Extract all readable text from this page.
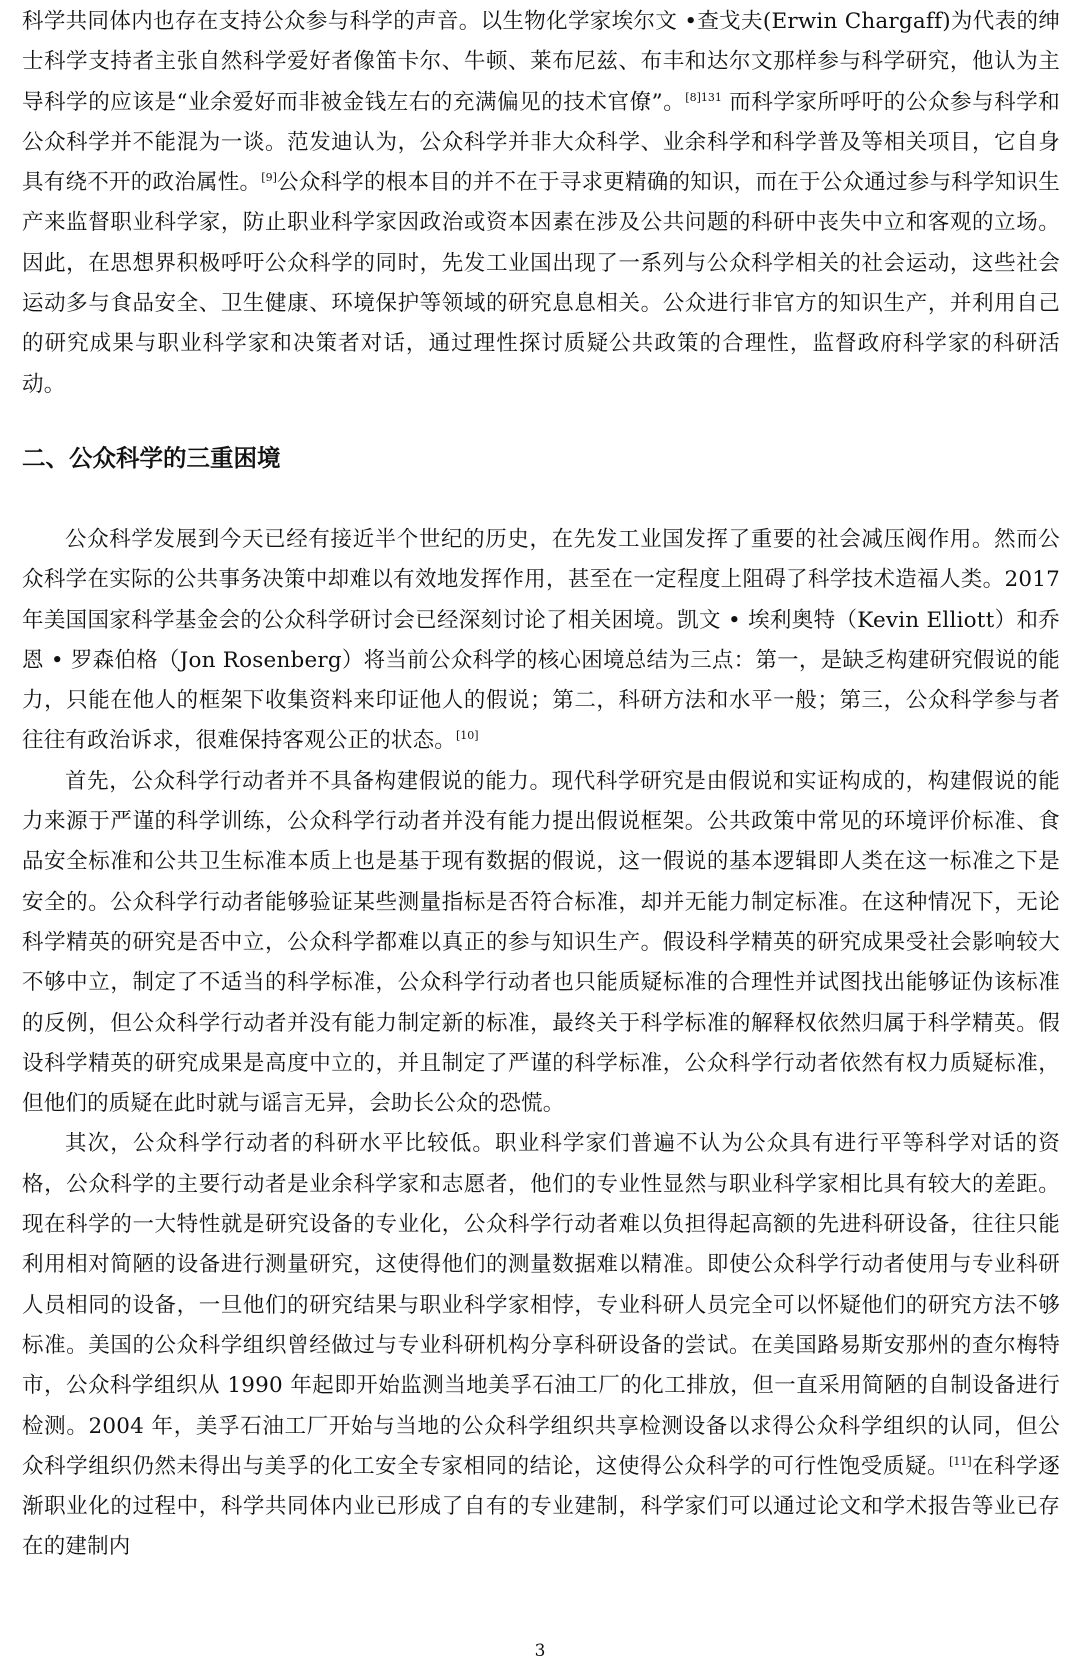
科学共同体内也存在支持公众参与科学的声音。以生物化学家埃尔文 •查戈夫(Erwin Chargaff)为代表的绅士科学支持者主张自然科学爱好者像笛卡尔、牛顿、莱布尼兹、布丰和达尔文那样参与科学研究，他认为主导科学的应该是“业余爱好而非被金钱左右的充满偏见的技术官僚”。$^{[8]131}$ 而科学家所呼吁的公众参与科学和公众科学并不能混为一谈。范发迪认为，公众科学并非大众科学、业余科学和科学普及等相关项目，它自身具有绕不开的政治属性。[9]公众科学的根本目的并不在于寻求更精确的知识，而在于公众通过参与科学知识生产来监督职业科学家，防止职业科学家因政治或资本因素在涉及公共问题的科研中丧失中立和客观的立场。因此，在思想界积极呼吁公众科学的同时，先发工业国出现了一系列与公众科学相关的社会运动，这些社会运动多与食品安全、卫生健康、环境保护等领域的研究息息相关。公众进行非官方的知识生产，并利用自己的研究成果与职业科学家和决策者对话，通过理性探讨质疑公共政策的合理性，监督政府科学家的科研活动。

二、公众科学的三重困境

公众科学发展到今天已经有接近半个世纪的历史，在先发工业国发挥了重要的社会减压阀作用。然而公众科学在实际的公共事务决策中却难以有效地发挥作用，甚至在一定程度上阻碍了科学技术造福人类。2017 年美国国家科学基金会的公众科学研讨会已经深刻讨论了相关困境。凯文 • 埃利奥特（Kevin Elliott）和乔恩 • 罗森伯格（Jon Rosenberg）将当前公众科学的核心困境总结为三点：第一，是缺乏构建研究假说的能力，只能在他人的框架下收集资料来印证他人的假说；第二，科研方法和水平一般；第三，公众科学参与者往往有政治诉求，很难保持客观公正的状态。[10]

首先，公众科学行动者并不具备构建假说的能力。现代科学研究是由假说和实证构成的，构建假说的能力来源于严谨的科学训练，公众科学行动者并没有能力提出假说框架。公共政策中常见的环境评价标准、食品安全标准和公共卫生标准本质上也是基于现有数据的假说，这一假说的基本逻辑即人类在这一标准之下是安全的。公众科学行动者能够验证某些测量指标是否符合标准，却并无能力制定标准。在这种情况下，无论科学精英的研究是否中立，公众科学都难以真正的参与知识生产。假设科学精英的研究成果受社会影响较大不够中立，制定了不适当的科学标准，公众科学行动者也只能质疑标准的合理性并试图找出能够证伪该标准的反例，但公众科学行动者并没有能力制定新的标准，最终关于科学标准的解释权依然归属于科学精英。假设科学精英的研究成果是高度中立的，并且制定了严谨的科学标准，公众科学行动者依然有权力质疑标准，但他们的质疑在此时就与谣言无异，会助长公众的恐慌。

其次，公众科学行动者的科研水平比较低。职业科学家们普遍不认为公众具有进行平等科学对话的资格，公众科学的主要行动者是业余科学家和志愿者，他们的专业性显然与职业科学家相比具有较大的差距。现在科学的一大特性就是研究设备的专业化，公众科学行动者难以负担得起高额的先进科研设备，往往只能利用相对简陋的设备进行测量研究，这使得他们的测量数据难以精准。即使公众科学行动者使用与专业科研人员相同的设备，一旦他们的研究结果与职业科学家相悖，专业科研人员完全可以怀疑他们的研究方法不够标准。美国的公众科学组织曾经做过与专业科研机构分享科研设备的尝试。在美国路易斯安那州的查尔梅特市，公众科学组织从 1990 年起即开始监测当地美孚石油工厂的化工排放，但一直采用简陋的自制设备进行检测。2004 年，美孚石油工厂开始与当地的公众科学组织共享检测设备以求得公众科学组织的认同，但公众科学组织仍然未得出与美孚的化工安全专家相同的结论，这使得公众科学的可行性饱受质疑。[11]在科学逐渐职业化的过程中，科学共同体内业已形成了自有的专业建制，科学家们可以通过论文和学术报告等业已存在的建制内

3
